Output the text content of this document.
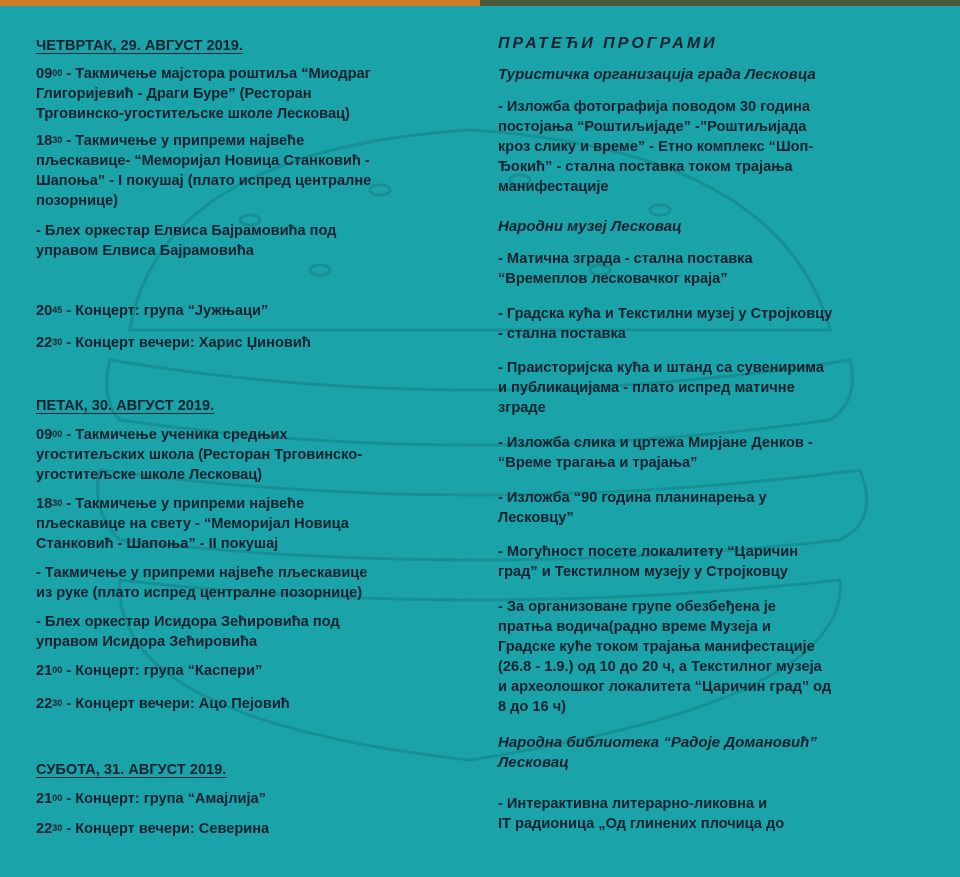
ЧЕТВРТАК, 29. АВГУСТ 2019.
$09^{00}$ - Такмичење мајстора роштиља “Миодраг
Глигоријевић - Драги Буре” (Ресторан
Трговинско-угоститељске школе Лесковац)
$18^{30}$ - Такмичење у припреми највеће
пљескавице- “Меморијал Новица Станковић -
Шапоња” - I покушај (плато испред централне
позорнице)
- Блех оркестар Елвиса Бајрамовића под
управом Елвиса Бајрамовића
$20^{45}$ - Концерт: група “Јужњаци”
$22^{30}$ - Концерт вечери: Харис Џиновић
ПЕТАК, 30. АВГУСТ 2019.
$09^{00}$ - Такмичење ученика средњих
угоститељских школа (Ресторан Трговинско-
угоститељске школе Лесковац)
$18^{30}$ - Такмичење у припреми највеће
пљескавице на свету - “Меморијал Новица
Станковић - Шапоња” - II покушај
- Такмичење у припреми највеће пљескавице
из руке (плато испред централне позорнице)
- Блех оркестар Исидора Зећировића под
управом Исидора Зећировића
$21^{00}$ - Концерт: група “Каспери”
$22^{30}$ - Концерт вечери: Ацо Пејовић
СУБОТА, 31. АВГУСТ 2019.
$21^{00}$ - Концерт: група “Амајлија”
$22^{30}$ - Концерт вечери: Северина
ПРАТЕЋИ ПРОГРАМИ
Туристичка организација града Лесковца
- Изложба фотографија поводом 30 година
постојања “Роштиљијаде” -”Роштиљијада
кроз слику и време” - Етно комплекс “Шоп-
Ђокић” - стална поставка током трајања
манифестације
Народни музеј Лесковац
- Матична зграда - стална поставка
“Времеплов лесковачког краја”
- Градска кућа и Текстилни музеј у Стројковцу
- стална поставка
- Праисторијска кућа и штанд са сувенирима
и публикацијама - плато испред матичне
зграде
- Изложба слика и цртежа Мирјане Денков -
“Време трагања и трајања”
- Изложба “90 година планинарења у
Лесковцу”
- Могућност посете локалитету “Царичин
град” и Текстилном музеју у Стројковцу
- За организоване групе обезбеђена је
пратња водича(радно време Музеја и
Градске куће током трајања манифестације
(26.8 - 1.9.) од 10 до 20 ч, а Текстилног музеја
и археолошког локалитета “Царичин град” од
8 до 16 ч)
Народна библиотека “Радоје Домановић”
Лесковац
- Интерактивна литерарно-ликовна и
IT радионица „Од глинених плочица до
